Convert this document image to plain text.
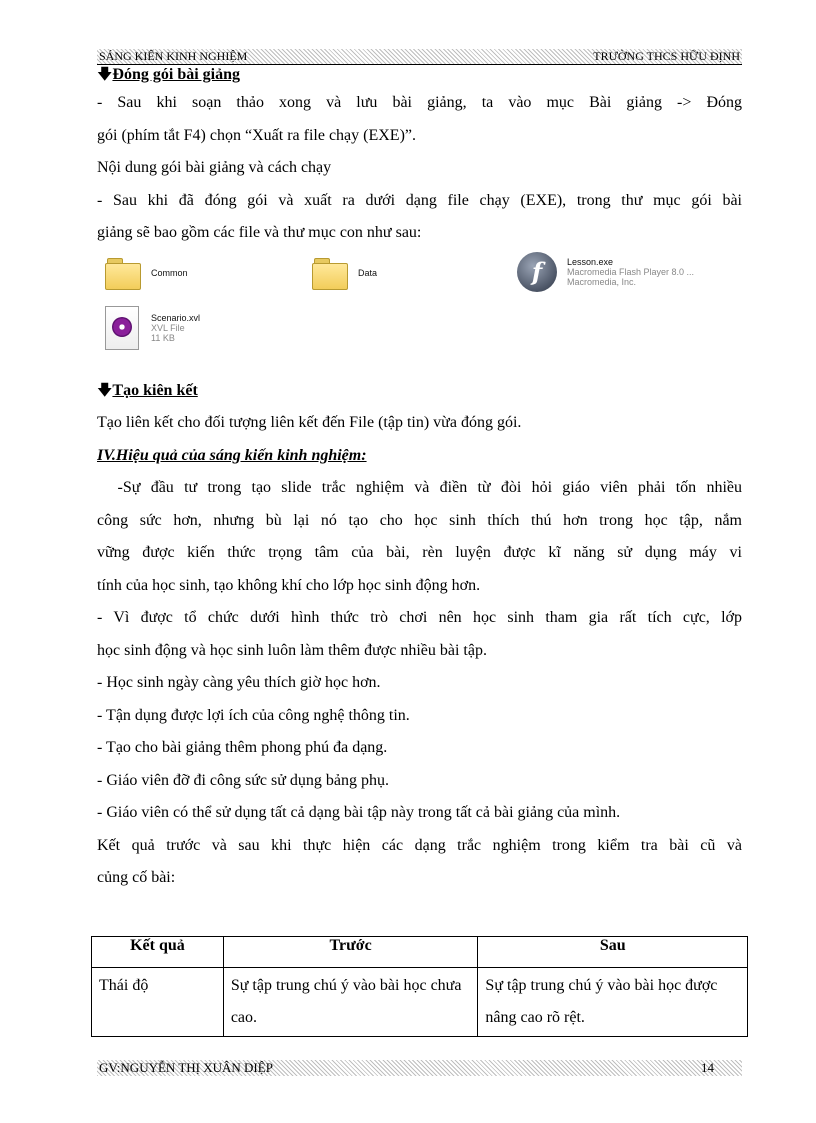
SÁNG KIẾN KINH NGHIỆM	TRƯỜNG THCS HỮU ĐỊNH
🡇Đóng gói bài giảng
- Sau khi soạn thảo xong và lưu bài giảng, ta vào mục Bài giảng -> Đóng
gói (phím tắt F4) chọn “Xuất ra file chạy (EXE)”.
Nội dung gói bài giảng và cách chạy
- Sau khi đã đóng gói và xuất ra dưới dạng file chạy (EXE), trong thư mục gói bài
giảng sẽ bao gồm các file và thư mục con như sau:
Common	Data	f	Lesson.exe
Macromedia Flash Player 8.0 ...
Macromedia, Inc.
Scenario.xvl
XVL File
11 KB
🡇Tạo kiên kết
Tạo liên kết cho đối tượng liên kết đến File (tập tin) vừa đóng gói.
IV.Hiệu quả của sáng kiến kinh nghiệm:
-Sự đầu tư trong tạo slide trắc nghiệm và điền từ đòi hỏi giáo viên phải tốn nhiều
công sức hơn, nhưng bù lại nó tạo cho học sinh thích thú hơn trong học tập, nắm
vững được kiến thức trọng tâm của bài, rèn luyện được kĩ năng sử dụng máy vi
tính của học sinh, tạo không khí cho lớp học sinh động hơn.
- Vì được tổ chức dưới hình thức trò chơi nên học sinh tham gia rất tích cực, lớp
học sinh động và học sinh luôn làm thêm được nhiều bài tập.
- Học sinh ngày càng yêu thích giờ học hơn.
- Tận dụng được lợi ích của công nghệ thông tin.
- Tạo cho bài giảng thêm phong phú đa dạng.
- Giáo viên đỡ đi công sức sử dụng bảng phụ.
- Giáo viên có thể sử dụng tất cả dạng bài tập này trong tất cả bài giảng của mình.
Kết quả trước và sau khi thực hiện các dạng trắc nghiệm trong kiểm tra bài cũ và
củng cố bài:
Kết quả	Trước	Sau
Thái độ	Sự tập trung chú ý vào bài học chưa cao.	Sự tập trung chú ý vào bài học được nâng cao rõ rệt.
GV:NGUYỄN THỊ XUÂN DIỆP	14
